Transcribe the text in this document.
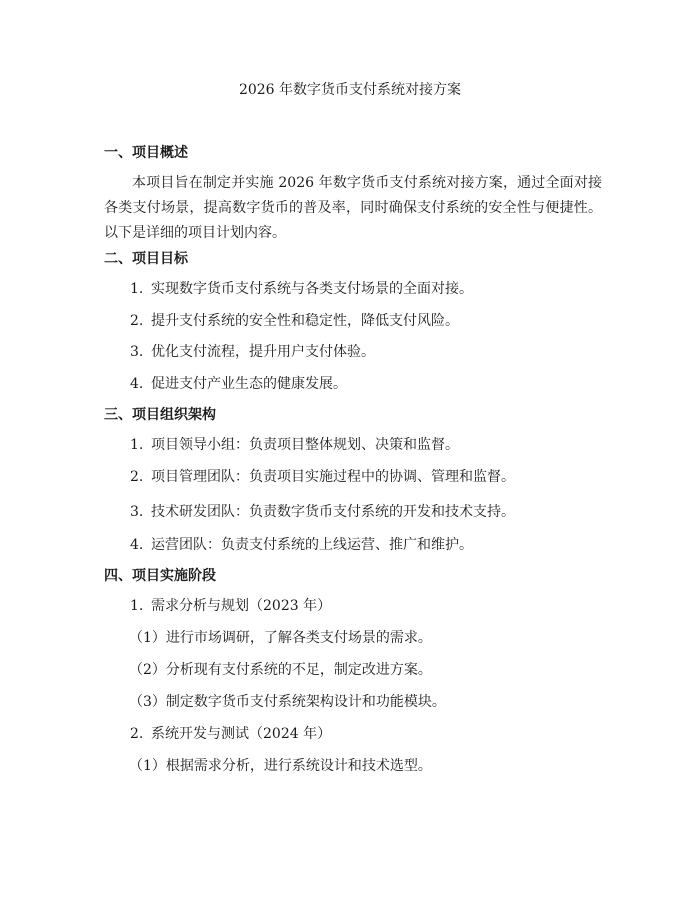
2026 年数字货币支付系统对接方案
一、项目概述
本项目旨在制定并实施 2026 年数字货币支付系统对接方案，通过全面对接各类支付场景，提高数字货币的普及率，同时确保支付系统的安全性与便捷性。以下是详细的项目计划内容。
二、项目目标
1. 实现数字货币支付系统与各类支付场景的全面对接。
2. 提升支付系统的安全性和稳定性，降低支付风险。
3. 优化支付流程，提升用户支付体验。
4. 促进支付产业生态的健康发展。
三、项目组织架构
1. 项目领导小组：负责项目整体规划、决策和监督。
2. 项目管理团队：负责项目实施过程中的协调、管理和监督。
3. 技术研发团队：负责数字货币支付系统的开发和技术支持。
4. 运营团队：负责支付系统的上线运营、推广和维护。
四、项目实施阶段
1. 需求分析与规划（2023 年）
（1）进行市场调研，了解各类支付场景的需求。
（2）分析现有支付系统的不足，制定改进方案。
（3）制定数字货币支付系统架构设计和功能模块。
2. 系统开发与测试（2024 年）
（1）根据需求分析，进行系统设计和技术选型。
